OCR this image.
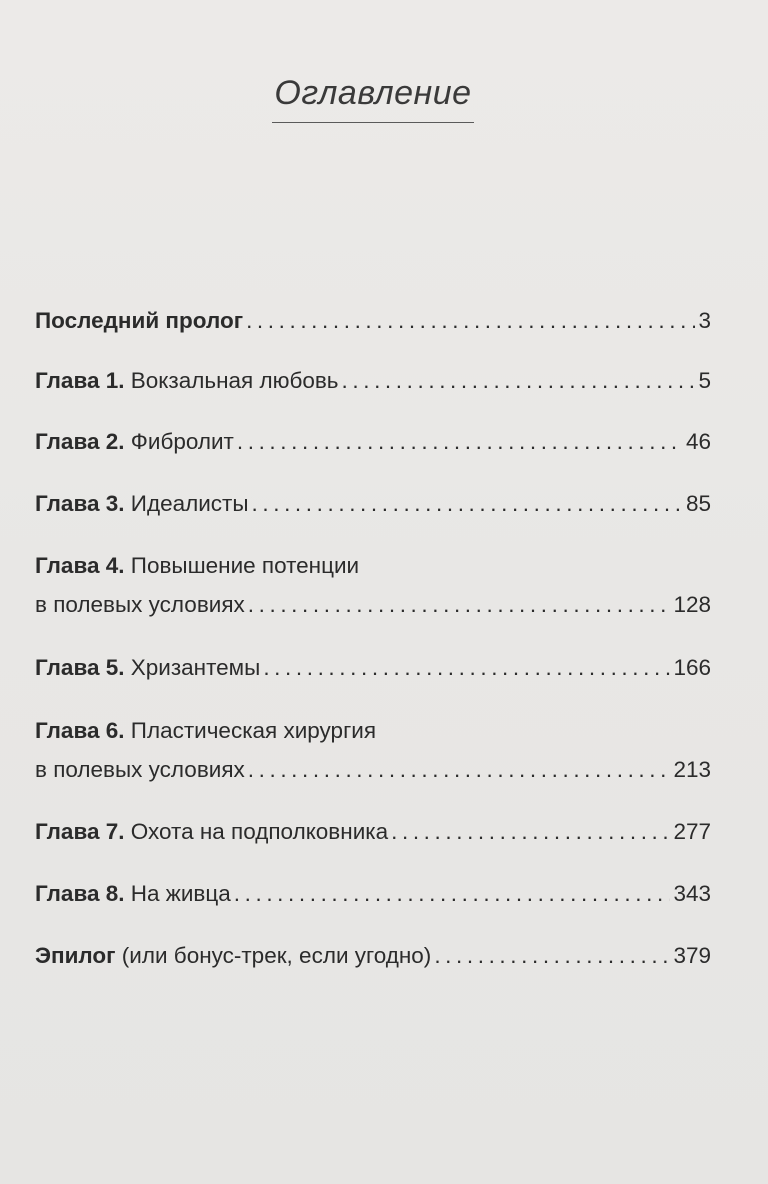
Оглавление
Последний пролог .....	3
Глава 1. Вокзальная любовь .....	5
Глава 2. Фибролит .....	46
Глава 3. Идеалисты .....	85
Глава 4. Повышение потенции
в полевых условиях .....	128
Глава 5. Хризантемы .....	166
Глава 6. Пластическая хирургия
в полевых условиях .....	213
Глава 7. Охота на подполковника .....	277
Глава 8. На живца .....	343
Эпилог (или бонус-трек, если угодно) .....	379
